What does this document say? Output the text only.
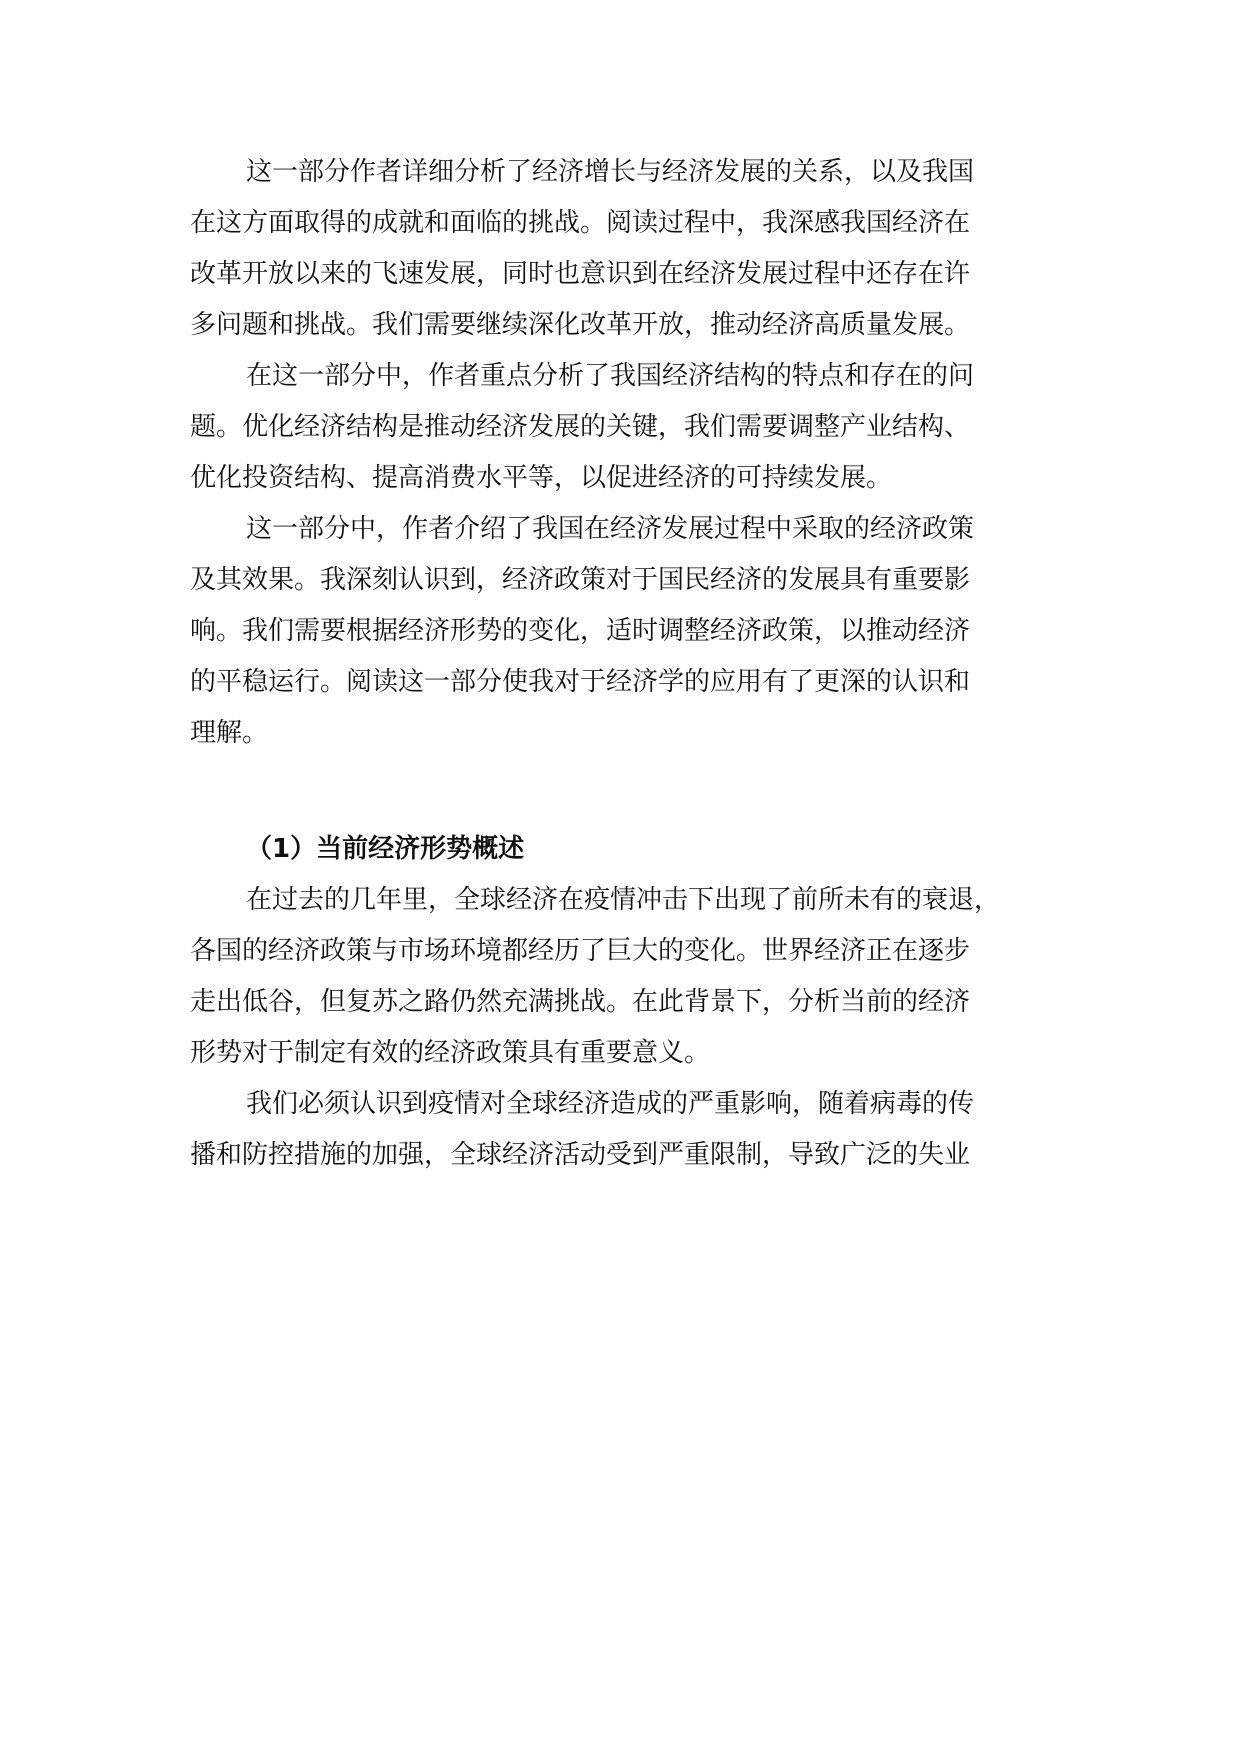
这一部分作者详细分析了经济增长与经济发展的关系，以及我国
在这方面取得的成就和面临的挑战。阅读过程中，我深感我国经济在
改革开放以来的飞速发展，同时也意识到在经济发展过程中还存在许
多问题和挑战。我们需要继续深化改革开放，推动经济高质量发展。
在这一部分中，作者重点分析了我国经济结构的特点和存在的问
题。优化经济结构是推动经济发展的关键，我们需要调整产业结构、
优化投资结构、提高消费水平等，以促进经济的可持续发展。
这一部分中，作者介绍了我国在经济发展过程中采取的经济政策
及其效果。我深刻认识到，经济政策对于国民经济的发展具有重要影
响。我们需要根据经济形势的变化，适时调整经济政策，以推动经济
的平稳运行。阅读这一部分使我对于经济学的应用有了更深的认识和
理解。
（1）当前经济形势概述
在过去的几年里，全球经济在疫情冲击下出现了前所未有的衰退，
各国的经济政策与市场环境都经历了巨大的变化。世界经济正在逐步
走出低谷，但复苏之路仍然充满挑战。在此背景下，分析当前的经济
形势对于制定有效的经济政策具有重要意义。
我们必须认识到疫情对全球经济造成的严重影响，随着病毒的传
播和防控措施的加强，全球经济活动受到严重限制，导致广泛的失业
